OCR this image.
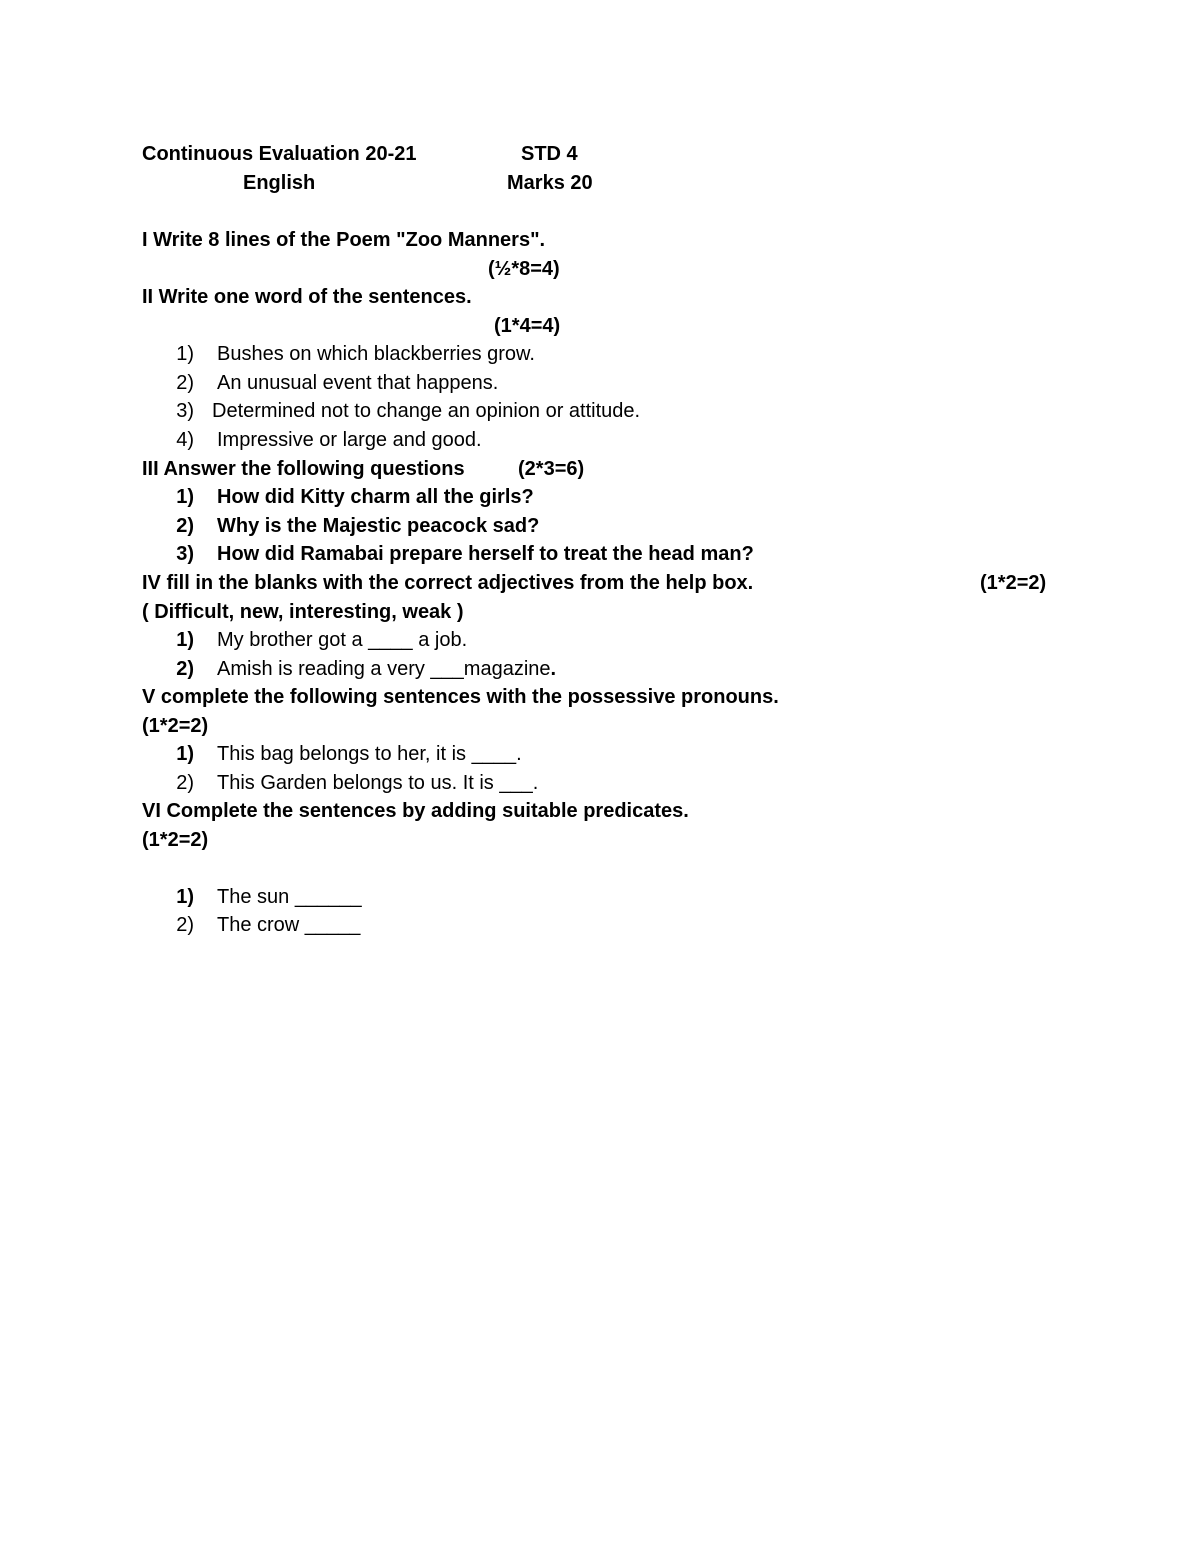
Continuous Evaluation 20-21	STD 4
English	Marks 20
I Write 8 lines of the Poem "Zoo Manners".
(½*8=4)
II Write one word of the sentences.
(1*4=4)
1) Bushes on which blackberries grow.
2) An unusual event that happens.
3) Determined not to change an opinion or attitude.
4) Impressive or large and good.
III Answer the following questions	(2*3=6)
1) How did Kitty charm all the girls?
2) Why is the Majestic peacock sad?
3) How did Ramabai prepare herself to treat the head man?
IV fill in the blanks with the correct adjectives from the help box.	(1*2=2)
( Difficult, new, interesting, weak )
1) My brother got a ____ a job.
2) Amish is reading a very ___magazine.
V complete the following sentences with the possessive pronouns.
(1*2=2)
1) This bag belongs to her, it is ____.
2) This Garden belongs to us. It is ___.
VI Complete the sentences by adding suitable predicates.
(1*2=2)
1) The sun ______
2) The crow _____
